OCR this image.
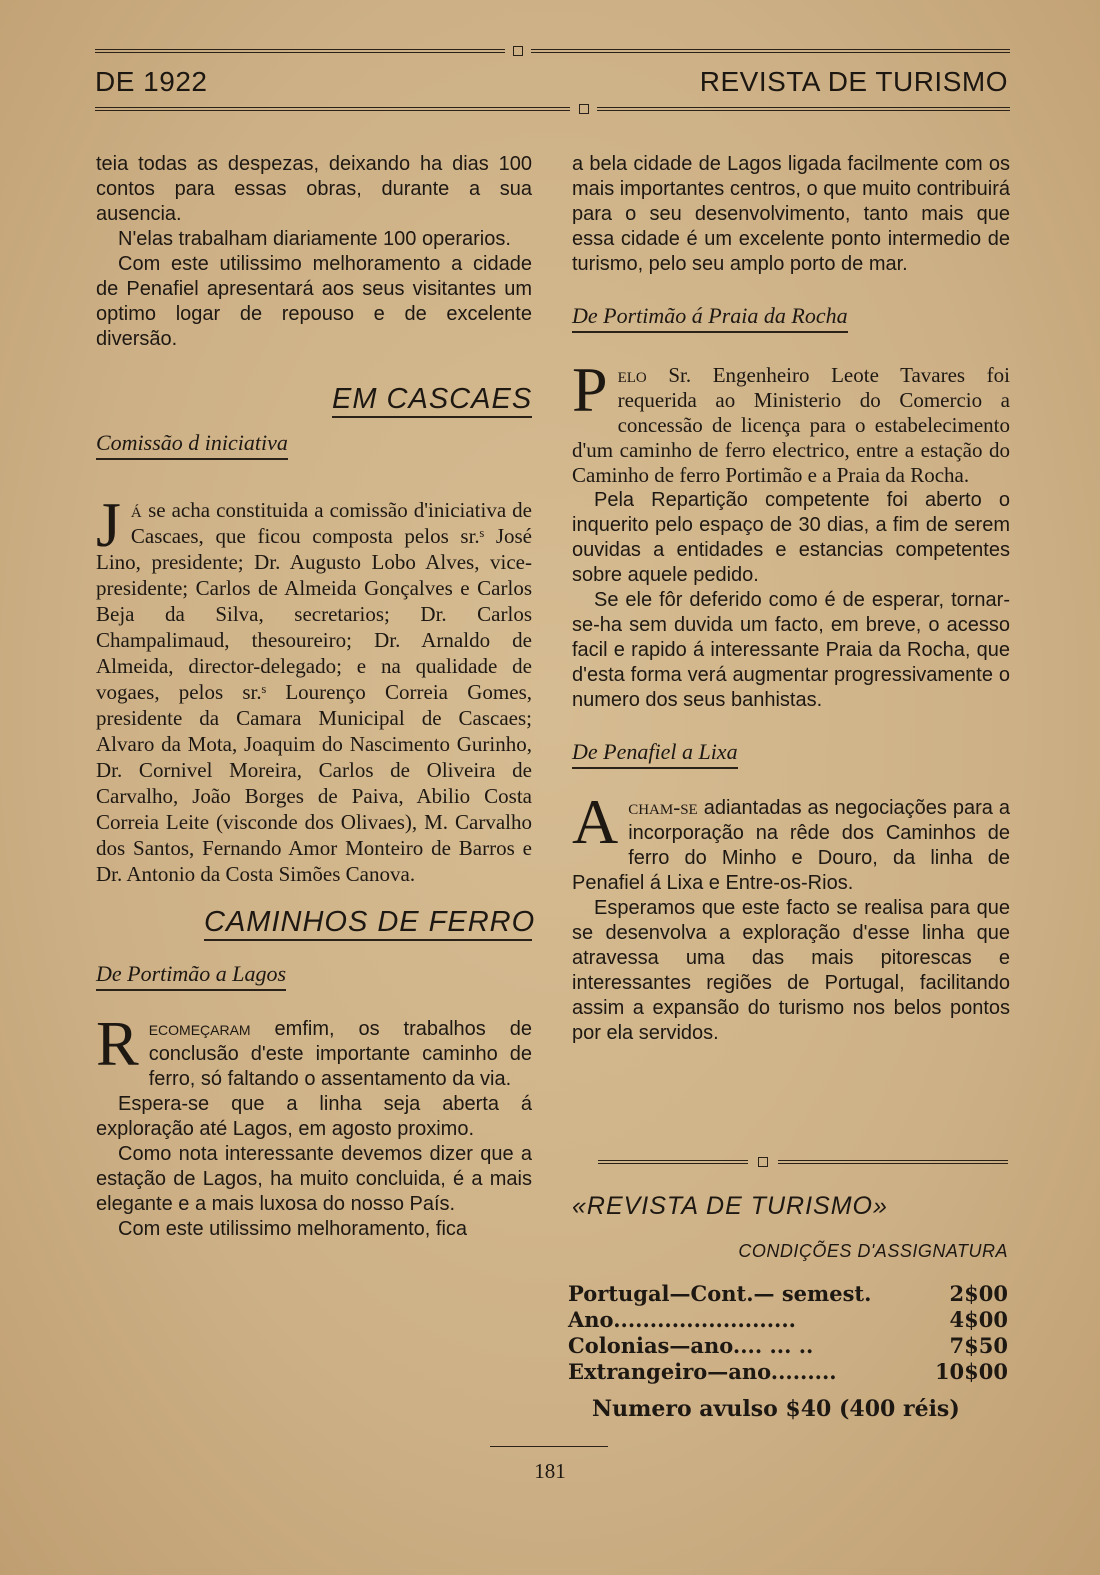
DE 1922	REVISTA DE TURISMO

teia todas as despezas, deixando ha dias 100 contos para essas obras, durante a sua ausencia.

N'elas trabalham diariamente 100 operarios.

Com este utilissimo melhoramento a cidade de Penafiel apresentará aos seus visitantes um optimo logar de repouso e de excelente diversão.

EM CASCAES
Comissão d iniciativa

J á se acha constituida a comissão d'iniciativa de Cascaes, que ficou composta pelos sr.ˢ José Lino, presidente; Dr. Augusto Lobo Alves, vice-presidente; Carlos de Almeida Gonçalves e Carlos Beja da Silva, secretarios; Dr. Carlos Champalimaud, thesoureiro; Dr. Arnaldo de Almeida, director-delegado; e na qualidade de vogaes, pelos sr.ˢ Lourenço Correia Gomes, presidente da Camara Municipal de Cascaes; Alvaro da Mota, Joaquim do Nascimento Gurinho, Dr. Cornivel Moreira, Carlos de Oliveira de Carvalho, João Borges de Paiva, Abilio Costa Correia Leite (visconde dos Olivaes), M. Carvalho dos Santos, Fernando Amor Monteiro de Barros e Dr. Antonio da Costa Simões Canova.

CAMINHOS DE FERRO
De Portimão a Lagos

R ecomeçaram emfim, os trabalhos de conclusão d'este importante caminho de ferro, só faltando o assentamento da via.

Espera-se que a linha seja aberta á exploração até Lagos, em agosto proximo.

Como nota interessante devemos dizer que a estação de Lagos, ha muito concluida, é a mais elegante e a mais luxosa do nosso País.

Com este utilissimo melhoramento, fica

a bela cidade de Lagos ligada facilmente com os mais importantes centros, o que muito contribuirá para o seu desenvolvimento, tanto mais que essa cidade é um excelente ponto intermedio de turismo, pelo seu amplo porto de mar.

De Portimão á Praia da Rocha

P elo Sr. Engenheiro Leote Tavares foi requerida ao Ministerio do Comercio a concessão de licença para o estabelecimento d'um caminho de ferro electrico, entre a estação do Caminho de ferro Portimão e a Praia da Rocha.

Pela Repartição competente foi aberto o inquerito pelo espaço de 30 dias, a fim de serem ouvidas a entidades e estancias competentes sobre aquele pedido.

Se ele fôr deferido como é de esperar, tornar-se-ha sem duvida um facto, em breve, o acesso facil e rapido á interessante Praia da Rocha, que d'esta forma verá augmentar progressivamente o numero dos seus banhistas.

De Penafiel a Lixa

A cham-se adiantadas as negociações para a incorporação na rêde dos Caminhos de ferro do Minho e Douro, da linha de Penafiel á Lixa e Entre-os-Rios.

Esperamos que este facto se realisa para que se desenvolva a exploração d'esse linha que atravessa uma das mais pitorescas e interessantes regiões de Portugal, facilitando assim a expansão do turismo nos belos pontos por ela servidos.

«REVISTA DE TURISMO»
CONDIÇÕES D'ASSIGNATURA
Portugal—Cont.— semest.	2$00
Ano.........................	4$00
Colonias—ano.... ... ..	7$50
Extrangeiro—ano.........	10$00
Numero avulso $40 (400 réis)
181
